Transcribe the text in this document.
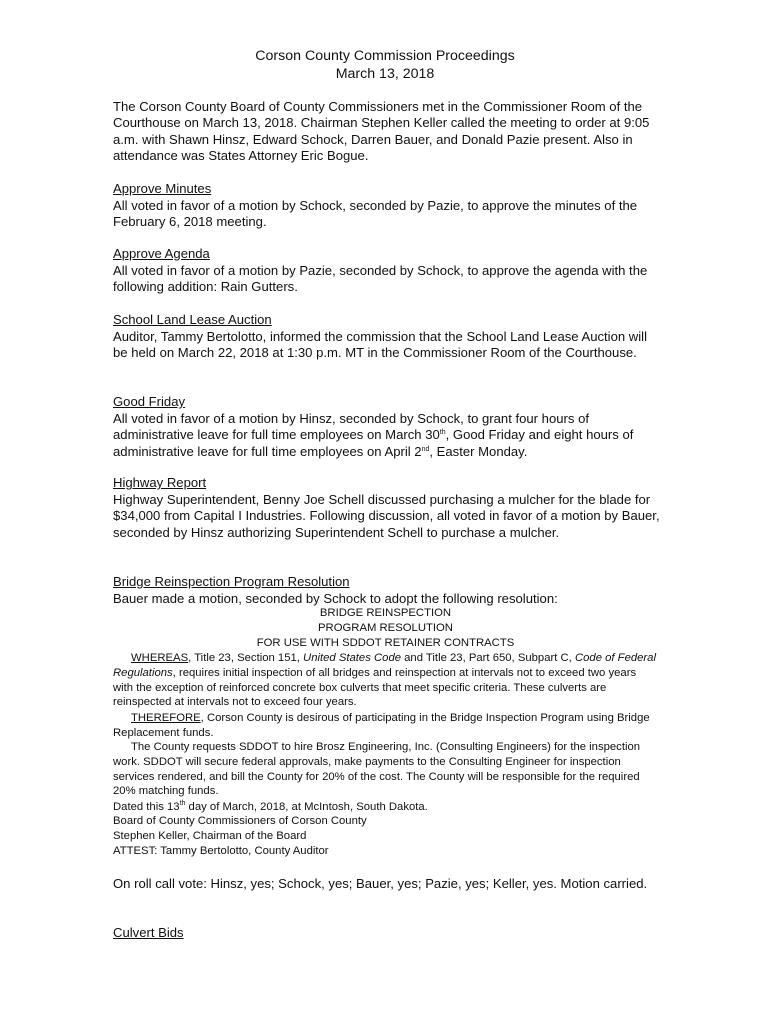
Corson County Commission Proceedings
March 13, 2018
The Corson County Board of County Commissioners met in the Commissioner Room of the Courthouse on March 13, 2018. Chairman Stephen Keller called the meeting to order at 9:05 a.m. with Shawn Hinsz, Edward Schock, Darren Bauer, and Donald Pazie present. Also in attendance was States Attorney Eric Bogue.
Approve Minutes
All voted in favor of a motion by Schock, seconded by Pazie, to approve the minutes of the February 6, 2018 meeting.
Approve Agenda
All voted in favor of a motion by Pazie, seconded by Schock, to approve the agenda with the following addition: Rain Gutters.
School Land Lease Auction
Auditor, Tammy Bertolotto, informed the commission that the School Land Lease Auction will be held on March 22, 2018 at 1:30 p.m. MT in the Commissioner Room of the Courthouse.
Good Friday
All voted in favor of a motion by Hinsz, seconded by Schock, to grant four hours of administrative leave for full time employees on March 30th, Good Friday and eight hours of administrative leave for full time employees on April 2nd, Easter Monday.
Highway Report
Highway Superintendent, Benny Joe Schell discussed purchasing a mulcher for the blade for $34,000 from Capital I Industries. Following discussion, all voted in favor of a motion by Bauer, seconded by Hinsz authorizing Superintendent Schell to purchase a mulcher.
Bridge Reinspection Program Resolution
Bauer made a motion, seconded by Schock to adopt the following resolution:
BRIDGE REINSPECTION
PROGRAM RESOLUTION
FOR USE WITH SDDOT RETAINER CONTRACTS
WHEREAS, Title 23, Section 151, United States Code and Title 23, Part 650, Subpart C, Code of Federal Regulations, requires initial inspection of all bridges and reinspection at intervals not to exceed two years with the exception of reinforced concrete box culverts that meet specific criteria. These culverts are reinspected at intervals not to exceed four years.
THEREFORE, Corson County is desirous of participating in the Bridge Inspection Program using Bridge Replacement funds.
The County requests SDDOT to hire Brosz Engineering, Inc. (Consulting Engineers) for the inspection work. SDDOT will secure federal approvals, make payments to the Consulting Engineer for inspection services rendered, and bill the County for 20% of the cost. The County will be responsible for the required 20% matching funds.
Dated this 13th day of March, 2018, at McIntosh, South Dakota.
Board of County Commissioners of Corson County
Stephen Keller, Chairman of the Board
ATTEST: Tammy Bertolotto, County Auditor
On roll call vote: Hinsz, yes; Schock, yes; Bauer, yes; Pazie, yes; Keller, yes. Motion carried.
Culvert Bids
